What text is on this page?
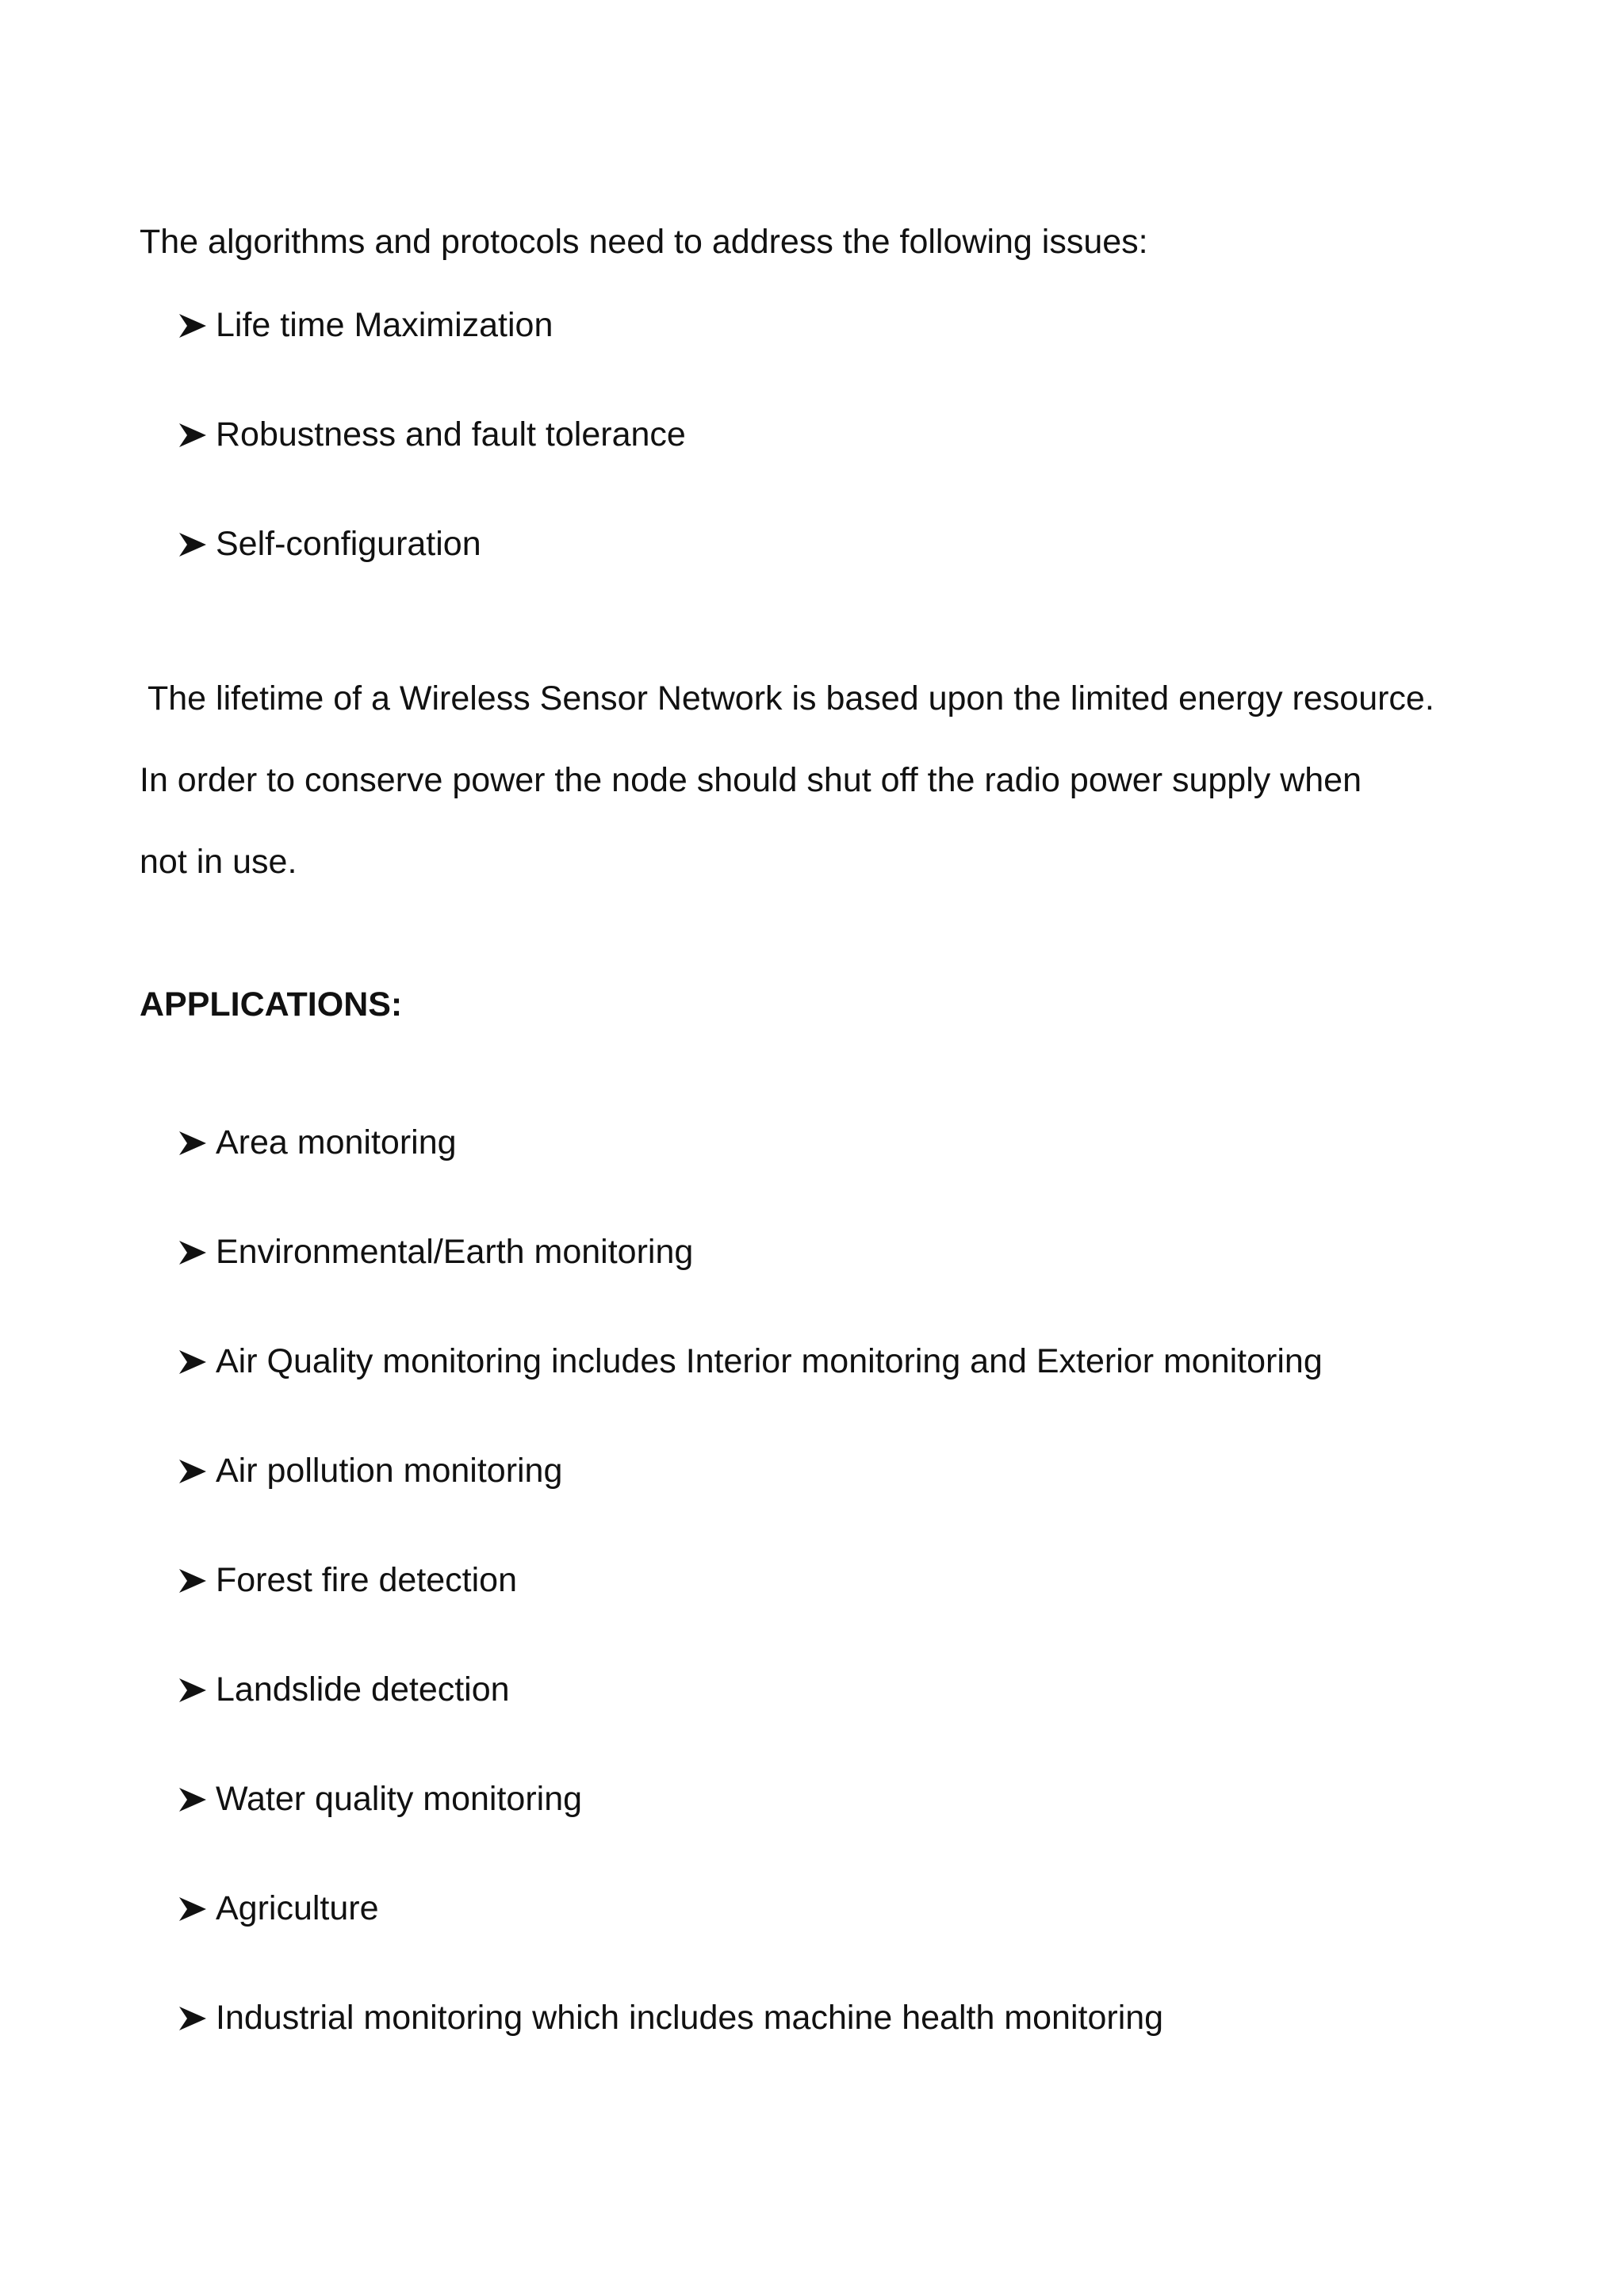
The algorithms and protocols need to address the following issues:
Life time Maximization
Robustness and fault tolerance
Self-configuration
The lifetime of a Wireless Sensor Network is based upon the limited energy resource.
In order to conserve power the node should shut off the radio power supply when
not in use.
APPLICATIONS:
Area monitoring
Environmental/Earth monitoring
Air Quality monitoring includes Interior monitoring and Exterior monitoring
Air pollution monitoring
Forest fire detection
Landslide detection
Water quality monitoring
Agriculture
Industrial monitoring which includes machine health monitoring
